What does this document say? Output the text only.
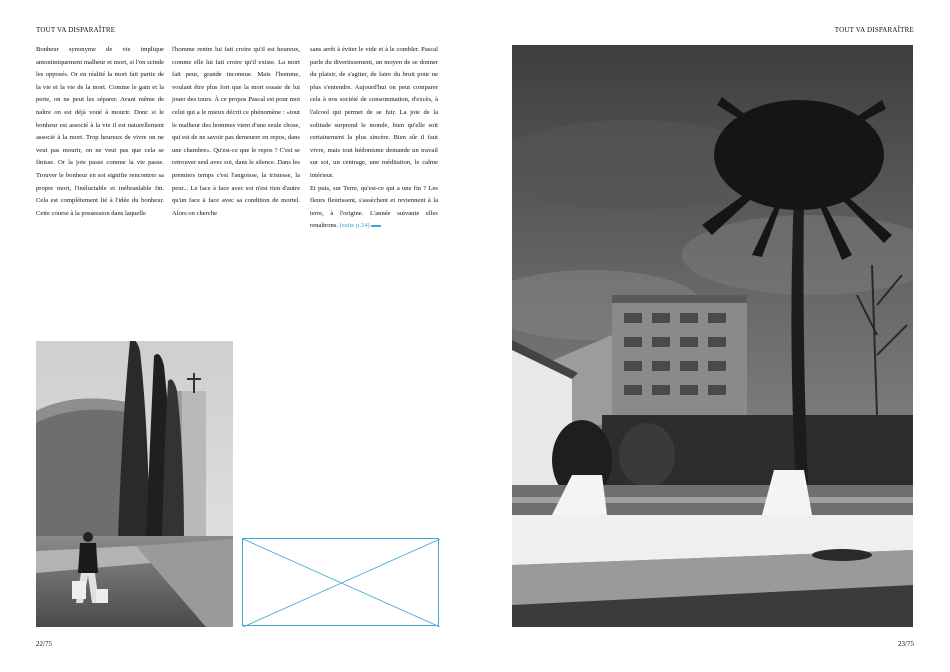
TOUT VA DISPARAÎTRE

Bonheur synonyme de vie implique antonimiquement malheur et mort, si l'on scinde les opposés. Or en réalité la mort fait partie de la vie et la vie de la mort. Comme le gain et la perte, on ne peut les séparer. Avant même de naître on est déjà voué à mourir. Donc si le bonheur est associé à la vie il est naturellement associé à la mort. Trop heureux de vivre on ne veut pas mourir, on ne veut pas que cela se finisse. Or la joie passe comme la vie passe. Trouver le bonheur en soi signifie rencontrer sa propre mort, l'inéluctable et inébranlable fin. Cela est complètement lié à l'idée du bonheur. Cette course à la possession dans laquelle

l'homme rentre lui fait croire qu'il est heureux, comme elle lui fait croire qu'il existe. La mort fait peur, grande inconnue. Mais l'homme, voulant être plus fort que la mort essaie de lui jouer des tours. À ce propos Pascal est pour moi celui qui a le mieux décrit ce phénomène : «tout le malheur des hommes vient d'une seule chose, qui est de ne savoir pas demeurer en repos, dans une chambre». Qu'est-ce que le repos ? C'est se retrouver seul avec soi, dans le silence. Dans les premiers temps c'est l'angoisse, la tristesse, la peur... Le face à face avec soi n'est rien d'autre qu'un face à face avec sa condition de mortel. Alors on cherche

sans arrêt à éviter le vide et à le combler. Pascal parle du divertissement, un moyen de se donner du plaisir, de s'agiter, de faire du bruit pour ne plus s'entendre. Aujourd'hui on peut comparer cela à nos société de consommation, d'excès, à l'alcool qui permet de se fuir. La joie de la solitude surprend le monde, bien qu'elle soit certainement la plus sincère. Bien sûr il faut vivre, mais tout hédonisme demande un travail sur soi, un centrage, une méditation, le calme intérieur.

Et puis, sur Terre, qu'est-ce qui a une fin ? Les fleurs fleurissent, s'assèchent et reviennent à la terre, à l'origine. L'année suivante elles renaîtrons. (suite p.24)

22/75
TOUT VA DISPARAÎTRE
23/75
